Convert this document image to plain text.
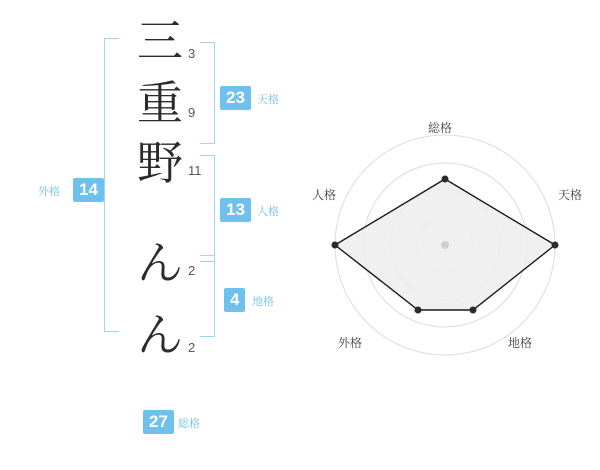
14
外格
三 3
重 9
野 11
ん 2
ん 2
23	天格
13	人格
4	地格
27 総格
総格
天格
地格
外格
人格
